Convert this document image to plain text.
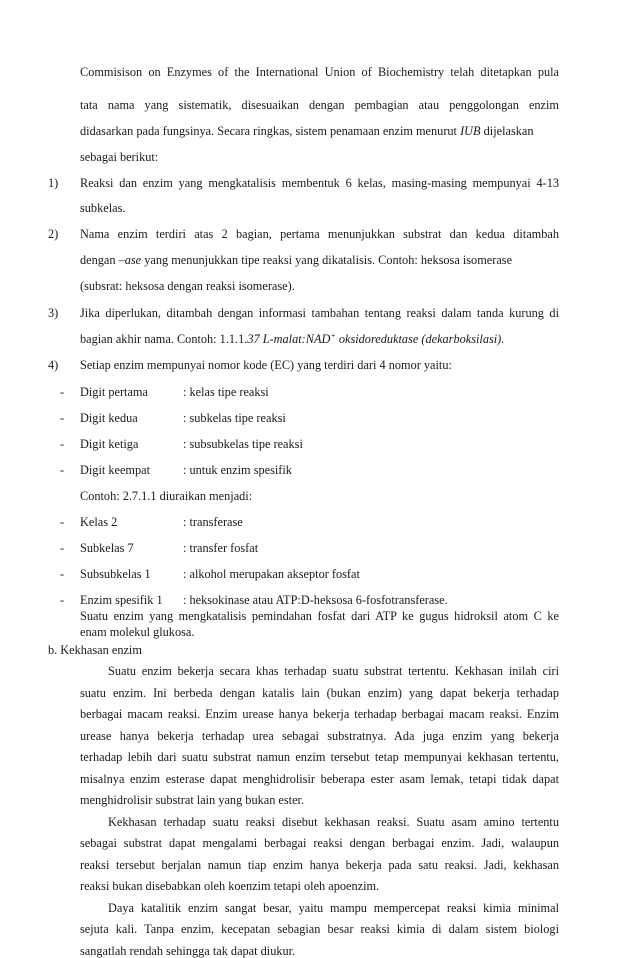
Commisison on Enzymes of the International Union of Biochemistry telah ditetapkan pula
tata nama yang sistematik, disesuaikan dengan pembagian atau penggolongan enzim
didasarkan pada fungsinya. Secara ringkas, sistem penamaan enzim menurut IUB dijelaskan
sebagai berikut:
1) Reaksi dan enzim yang mengkatalisis membentuk 6 kelas, masing-masing mempunyai 4-13
subkelas.
2) Nama enzim terdiri atas 2 bagian, pertama menunjukkan substrat dan kedua ditambah
dengan –ase yang menunjukkan tipe reaksi yang dikatalisis. Contoh: heksosa isomerase
(subsrat: heksosa dengan reaksi isomerase).
3) Jika diperlukan, ditambah dengan informasi tambahan tentang reaksi dalam tanda kurung di
bagian akhir nama. Contoh: 1.1.1.37 L-malat:NAD+ oksidoreduktase (dekarboksilasi).
4) Setiap enzim mempunyai nomor kode (EC) yang terdiri dari 4 nomor yaitu:
- Digit pertama	: kelas tipe reaksi
- Digit kedua	: subkelas tipe reaksi
- Digit ketiga	: subsubkelas tipe reaksi
- Digit keempat	: untuk enzim spesifik
Contoh: 2.7.1.1 diuraikan menjadi:
- Kelas 2	: transferase
- Subkelas 7	: transfer fosfat
- Subsubkelas 1	: alkohol merupakan akseptor fosfat
- Enzim spesifik 1 : heksokinase atau ATP:D-heksosa 6-fosfotransferase.
Suatu enzim yang mengkatalisis pemindahan fosfat dari ATP ke gugus hidroksil atom C ke
enam molekul glukosa.
b. Kekhasan enzim
Suatu enzim bekerja secara khas terhadap suatu substrat tertentu. Kekhasan inilah ciri
suatu enzim. Ini berbeda dengan katalis lain (bukan enzim) yang dapat bekerja terhadap
berbagai macam reaksi. Enzim urease hanya bekerja terhadap berbagai macam reaksi. Enzim
urease hanya bekerja terhadap urea sebagai substratnya. Ada juga enzim yang bekerja
terhadap lebih dari suatu substrat namun enzim tersebut tetap mempunyai kekhasan tertentu,
misalnya enzim esterase dapat menghidrolisir beberapa ester asam lemak, tetapi tidak dapat
menghidrolisir substrat lain yang bukan ester.
Kekhasan terhadap suatu reaksi disebut kekhasan reaksi. Suatu asam amino tertentu
sebagai substrat dapat mengalami berbagai reaksi dengan berbagai enzim. Jadi, walaupun
reaksi tersebut berjalan namun tiap enzim hanya bekerja pada satu reaksi. Jadi, kekhasan
reaksi bukan disebabkan oleh koenzim tetapi oleh apoenzim.
Daya katalitik enzim sangat besar, yaitu mampu mempercepat reaksi kimia minimal
sejuta kali. Tanpa enzim, kecepatan sebagian besar reaksi kimia di dalam sistem biologi
sangatlah rendah sehingga tak dapat diukur.
